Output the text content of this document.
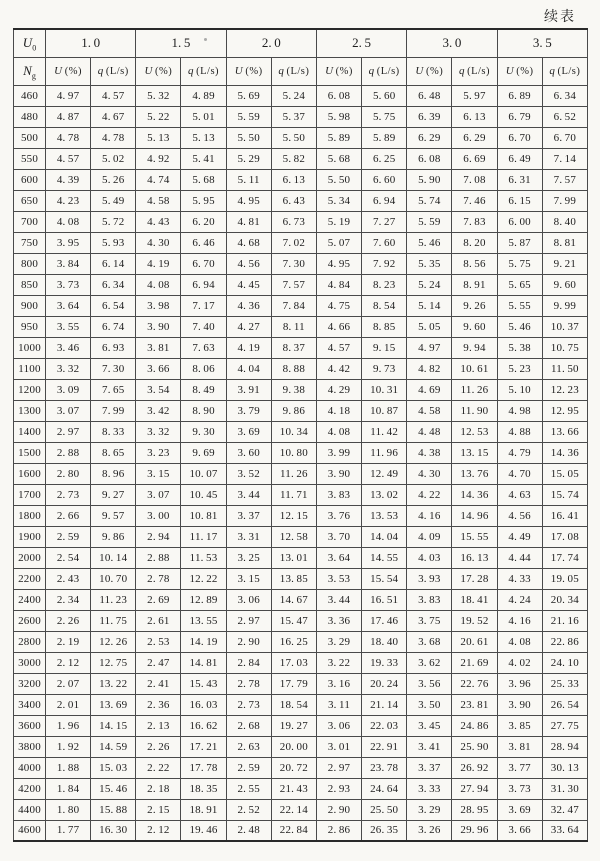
续表
$U_0$	1. 0		1. 5		2. 0		2. 5		3. 0		3. 5	
$N_g$	U (%)	q (L/s)	U (%)	q (L/s)	U (%)	q (L/s)	U (%)	q (L/s)	U (%)	q (L/s)	U (%)	q (L/s)
460	4. 97	4. 57	5. 32	4. 89	5. 69	5. 24	6. 08	5. 60	6. 48	5. 97	6. 89	6. 34
480	4. 87	4. 67	5. 22	5. 01	5. 59	5. 37	5. 98	5. 75	6. 39	6. 13	6. 79	6. 52
500	4. 78	4. 78	5. 13	5. 13	5. 50	5. 50	5. 89	5. 89	6. 29	6. 29	6. 70	6. 70
550	4. 57	5. 02	4. 92	5. 41	5. 29	5. 82	5. 68	6. 25	6. 08	6. 69	6. 49	7. 14
600	4. 39	5. 26	4. 74	5. 68	5. 11	6. 13	5. 50	6. 60	5. 90	7. 08	6. 31	7. 57
650	4. 23	5. 49	4. 58	5. 95	4. 95	6. 43	5. 34	6. 94	5. 74	7. 46	6. 15	7. 99
700	4. 08	5. 72	4. 43	6. 20	4. 81	6. 73	5. 19	7. 27	5. 59	7. 83	6. 00	8. 40
750	3. 95	5. 93	4. 30	6. 46	4. 68	7. 02	5. 07	7. 60	5. 46	8. 20	5. 87	8. 81
800	3. 84	6. 14	4. 19	6. 70	4. 56	7. 30	4. 95	7. 92	5. 35	8. 56	5. 75	9. 21
850	3. 73	6. 34	4. 08	6. 94	4. 45	7. 57	4. 84	8. 23	5. 24	8. 91	5. 65	9. 60
900	3. 64	6. 54	3. 98	7. 17	4. 36	7. 84	4. 75	8. 54	5. 14	9. 26	5. 55	9. 99
950	3. 55	6. 74	3. 90	7. 40	4. 27	8. 11	4. 66	8. 85	5. 05	9. 60	5. 46	10. 37
1000	3. 46	6. 93	3. 81	7. 63	4. 19	8. 37	4. 57	9. 15	4. 97	9. 94	5. 38	10. 75
1100	3. 32	7. 30	3. 66	8. 06	4. 04	8. 88	4. 42	9. 73	4. 82	10. 61	5. 23	11. 50
1200	3. 09	7. 65	3. 54	8. 49	3. 91	9. 38	4. 29	10. 31	4. 69	11. 26	5. 10	12. 23
1300	3. 07	7. 99	3. 42	8. 90	3. 79	9. 86	4. 18	10. 87	4. 58	11. 90	4. 98	12. 95
1400	2. 97	8. 33	3. 32	9. 30	3. 69	10. 34	4. 08	11. 42	4. 48	12. 53	4. 88	13. 66
1500	2. 88	8. 65	3. 23	9. 69	3. 60	10. 80	3. 99	11. 96	4. 38	13. 15	4. 79	14. 36
1600	2. 80	8. 96	3. 15	10. 07	3. 52	11. 26	3. 90	12. 49	4. 30	13. 76	4. 70	15. 05
1700	2. 73	9. 27	3. 07	10. 45	3. 44	11. 71	3. 83	13. 02	4. 22	14. 36	4. 63	15. 74
1800	2. 66	9. 57	3. 00	10. 81	3. 37	12. 15	3. 76	13. 53	4. 16	14. 96	4. 56	16. 41
1900	2. 59	9. 86	2. 94	11. 17	3. 31	12. 58	3. 70	14. 04	4. 09	15. 55	4. 49	17. 08
2000	2. 54	10. 14	2. 88	11. 53	3. 25	13. 01	3. 64	14. 55	4. 03	16. 13	4. 44	17. 74
2200	2. 43	10. 70	2. 78	12. 22	3. 15	13. 85	3. 53	15. 54	3. 93	17. 28	4. 33	19. 05
2400	2. 34	11. 23	2. 69	12. 89	3. 06	14. 67	3. 44	16. 51	3. 83	18. 41	4. 24	20. 34
2600	2. 26	11. 75	2. 61	13. 55	2. 97	15. 47	3. 36	17. 46	3. 75	19. 52	4. 16	21. 16
2800	2. 19	12. 26	2. 53	14. 19	2. 90	16. 25	3. 29	18. 40	3. 68	20. 61	4. 08	22. 86
3000	2. 12	12. 75	2. 47	14. 81	2. 84	17. 03	3. 22	19. 33	3. 62	21. 69	4. 02	24. 10
3200	2. 07	13. 22	2. 41	15. 43	2. 78	17. 79	3. 16	20. 24	3. 56	22. 76	3. 96	25. 33
3400	2. 01	13. 69	2. 36	16. 03	2. 73	18. 54	3. 11	21. 14	3. 50	23. 81	3. 90	26. 54
3600	1. 96	14. 15	2. 13	16. 62	2. 68	19. 27	3. 06	22. 03	3. 45	24. 86	3. 85	27. 75
3800	1. 92	14. 59	2. 26	17. 21	2. 63	20. 00	3. 01	22. 91	3. 41	25. 90	3. 81	28. 94
4000	1. 88	15. 03	2. 22	17. 78	2. 59	20. 72	2. 97	23. 78	3. 37	26. 92	3. 77	30. 13
4200	1. 84	15. 46	2. 18	18. 35	2. 55	21. 43	2. 93	24. 64	3. 33	27. 94	3. 73	31. 30
4400	1. 80	15. 88	2. 15	18. 91	2. 52	22. 14	2. 90	25. 50	3. 29	28. 95	3. 69	32. 47
4600	1. 77	16. 30	2. 12	19. 46	2. 48	22. 84	2. 86	26. 35	3. 26	29. 96	3. 66	33. 64
